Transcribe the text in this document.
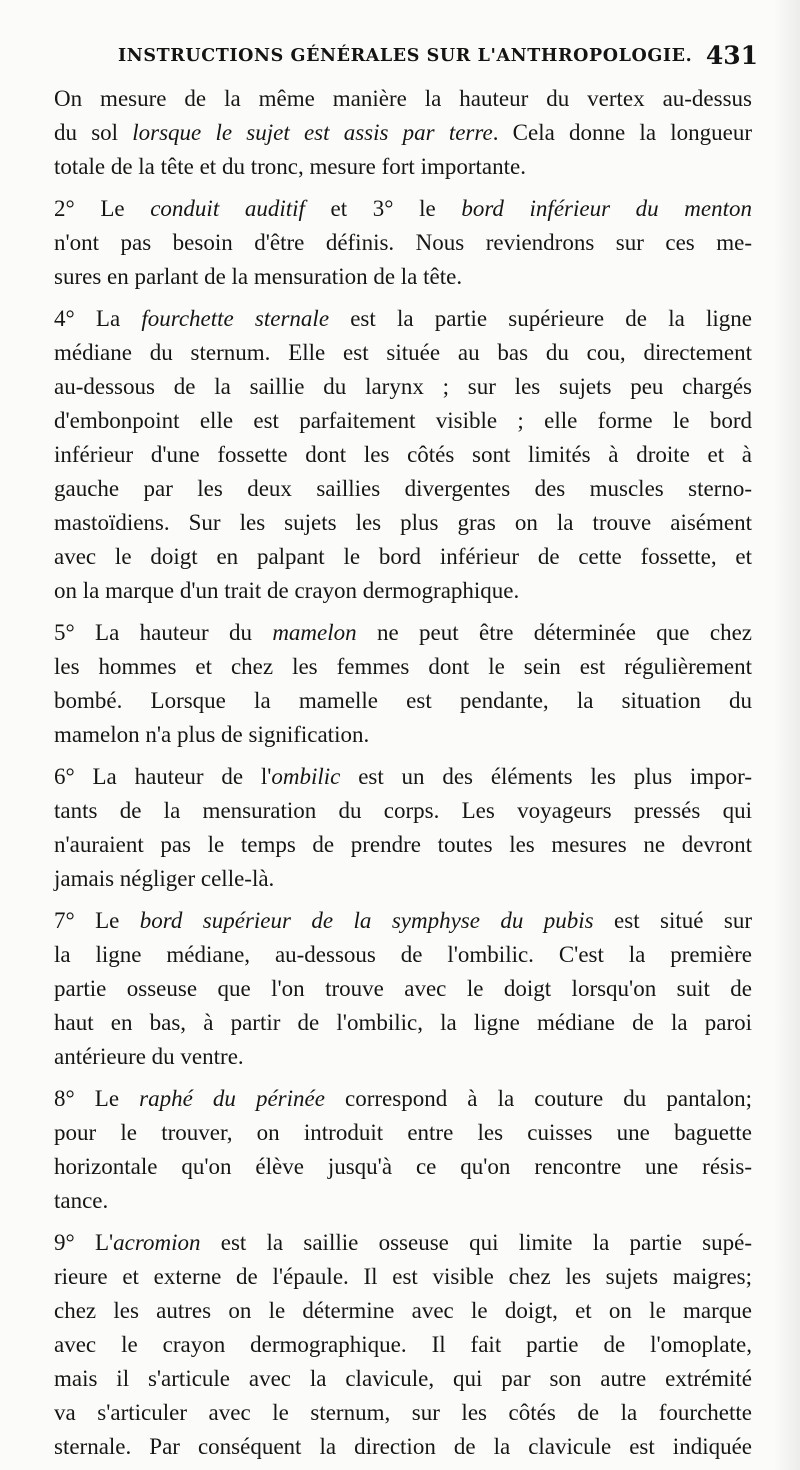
INSTRUCTIONS GÉNÉRALES SUR L'ANTHROPOLOGIE. 431
On mesure de la même manière la hauteur du vertex au-dessus
du sol lorsque le sujet est assis par terre. Cela donne la longueur
totale de la tête et du tronc, mesure fort importante.
2° Le conduit auditif et 3° le bord inférieur du menton
n'ont pas besoin d'être définis. Nous reviendrons sur ces me-
sures en parlant de la mensuration de la tête.
4° La fourchette sternale est la partie supérieure de la ligne
médiane du sternum. Elle est située au bas du cou, directement
au-dessous de la saillie du larynx ; sur les sujets peu chargés
d'embonpoint elle est parfaitement visible ; elle forme le bord
inférieur d'une fossette dont les côtés sont limités à droite et à
gauche par les deux saillies divergentes des muscles sterno-
mastoïdiens. Sur les sujets les plus gras on la trouve aisément
avec le doigt en palpant le bord inférieur de cette fossette, et
on la marque d'un trait de crayon dermographique.
5° La hauteur du mamelon ne peut être déterminée que chez
les hommes et chez les femmes dont le sein est régulièrement
bombé. Lorsque la mamelle est pendante, la situation du
mamelon n'a plus de signification.
6° La hauteur de l'ombilic est un des éléments les plus impor-
tants de la mensuration du corps. Les voyageurs pressés qui
n'auraient pas le temps de prendre toutes les mesures ne devront
jamais négliger celle-là.
7° Le bord supérieur de la symphyse du pubis est situé sur
la ligne médiane, au-dessous de l'ombilic. C'est la première
partie osseuse que l'on trouve avec le doigt lorsqu'on suit de
haut en bas, à partir de l'ombilic, la ligne médiane de la paroi
antérieure du ventre.
8° Le raphé du périnée correspond à la couture du pantalon;
pour le trouver, on introduit entre les cuisses une baguette
horizontale qu'on élève jusqu'à ce qu'on rencontre une résis-
tance.
9° L'acromion est la saillie osseuse qui limite la partie supé-
rieure et externe de l'épaule. Il est visible chez les sujets maigres;
chez les autres on le détermine avec le doigt, et on le marque
avec le crayon dermographique. Il fait partie de l'omoplate,
mais il s'articule avec la clavicule, qui par son autre extrémité
va s'articuler avec le sternum, sur les côtés de la fourchette
sternale. Par conséquent la direction de la clavicule est indiquée
